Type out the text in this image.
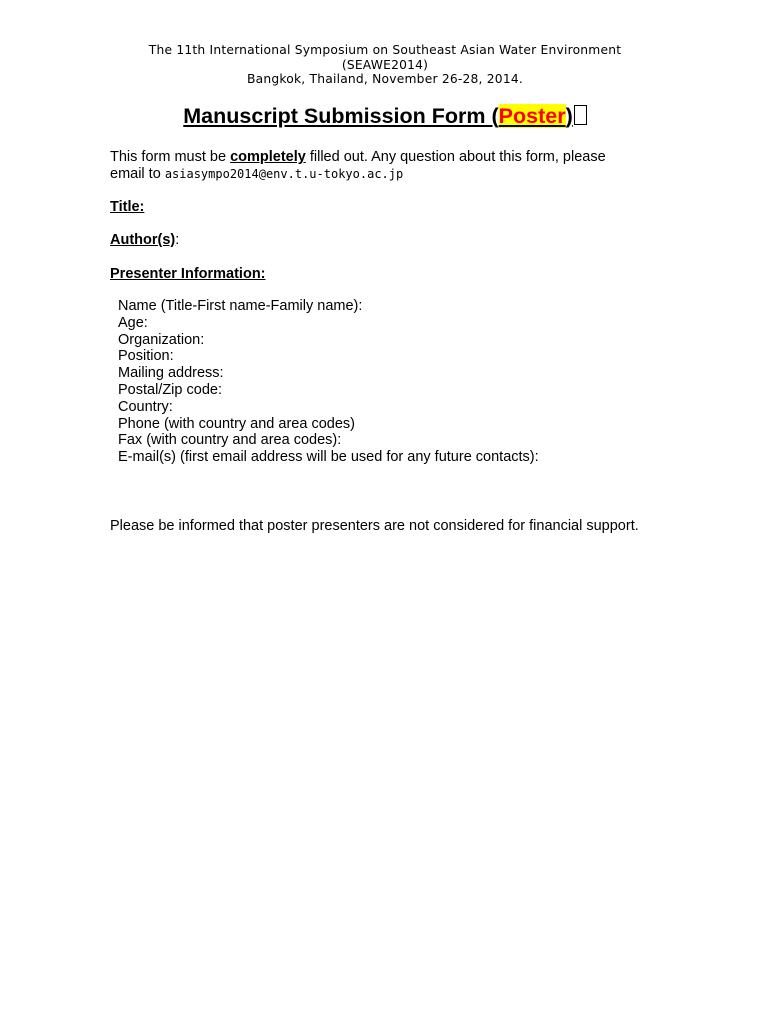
The 11th International Symposium on Southeast Asian Water Environment
(SEAWE2014)
Bangkok, Thailand, November 26-28, 2014.
Manuscript Submission Form (Poster)
This form must be completely filled out. Any question about this form, please email to asiasympo2014@env.t.u-tokyo.ac.jp
Title:
Author(s):
Presenter Information:
Name (Title-First name-Family name):
Age:
Organization:
Position:
Mailing address:
Postal/Zip code:
Country:
Phone (with country and area codes)
Fax (with country and area codes):
E-mail(s) (first email address will be used for any future contacts):
Please be informed that poster presenters are not considered for financial support.
